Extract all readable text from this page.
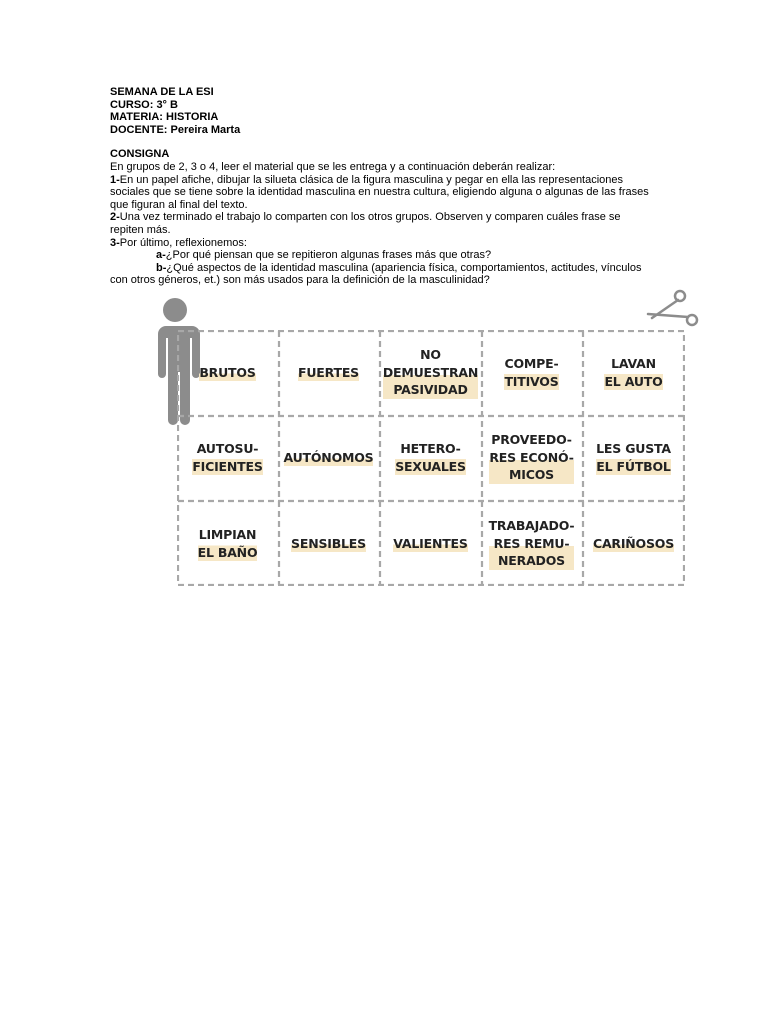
SEMANA DE LA ESI
CURSO: 3° B
MATERIA: HISTORIA
DOCENTE: Pereira Marta
CONSIGNA
En grupos de 2, 3 o 4, leer el material que se les entrega y a continuación deberán realizar:
1-En un papel afiche, dibujar la silueta clásica de la figura masculina y pegar en ella las representaciones sociales que se tiene sobre la identidad masculina en nuestra cultura, eligiendo alguna o algunas de las frases que figuran al final del texto.
2-Una vez terminado el trabajo lo comparten con los otros grupos. Observen y comparen cuáles frase se repiten más.
3-Por último, reflexionemos:
a-¿Por qué piensan que se repitieron algunas frases más que otras?
b-¿Qué aspectos de la identidad masculina (apariencia física, comportamientos, actitudes, vínculos con otros géneros, et.) son más usados para la definición de la masculinidad?
BRUTOS	FUERTES
NO
DEMUESTRAN
PASIVIDAD
COMPE-
TITIVOS
LAVAN
EL AUTO
AUTOSU-
FICIENTES
AUTÓNOMOS
HETERO-
SEXUALES
PROVEEDO-
RES ECONÓ-
MICOS
LES GUSTA
EL FÚTBOL
LIMPIAN
EL BAÑO
SENSIBLES VALIENTES
TRABAJADO-
RES REMU-
NERADOS
CARIÑOSOS
